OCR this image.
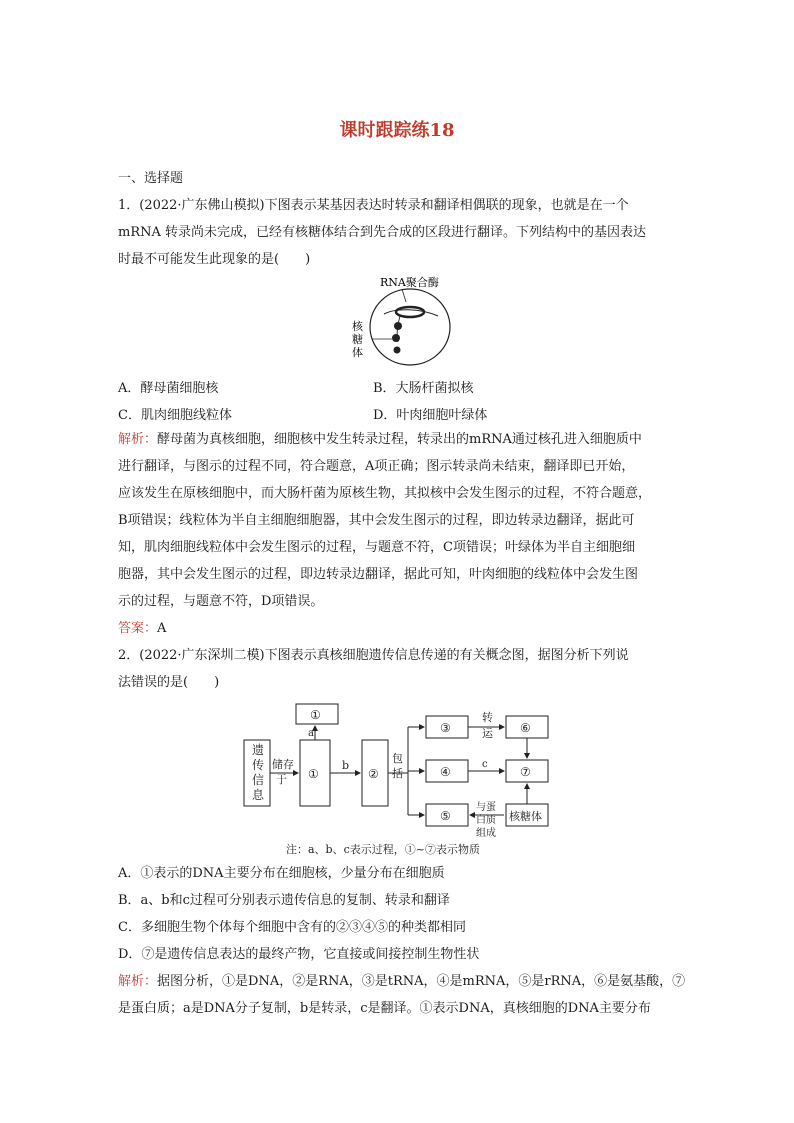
课时跟踪练18
一、选择题
1．(2022·广东佛山模拟)下图表示某基因表达时转录和翻译相偶联的现象，也就是在一个
mRNA 转录尚未完成，已经有核糖体结合到先合成的区段进行翻译。下列结构中的基因表达
时最不可能发生此现象的是(　　)
RNA聚合酶
核
糖
体
A．酵母菌细胞核	B．大肠杆菌拟核
C．肌肉细胞线粒体	D．叶肉细胞叶绿体
解析：酵母菌为真核细胞，细胞核中发生转录过程，转录出的mRNA通过核孔进入细胞质中
进行翻译，与图示的过程不同，符合题意，A项正确；图示转录尚未结束，翻译即已开始，
应该发生在原核细胞中，而大肠杆菌为原核生物，其拟核中会发生图示的过程，不符合题意，
B项错误；线粒体为半自主细胞细胞器，其中会发生图示的过程，即边转录边翻译，据此可
知，肌肉细胞线粒体中会发生图示的过程，与题意不符，C项错误；叶绿体为半自主细胞细
胞器，其中会发生图示的过程，即边转录边翻译，据此可知，叶肉细胞的线粒体中会发生图
示的过程，与题意不符，D项错误。
答案：A
2．(2022·广东深圳二模)下图表示真核细胞遗传信息传递的有关概念图，据图分析下列说
法错误的是(　　)
遗
传
信
息
储存
于 ①
①
a
b
②
包
括
③
④
⑤
⑥
⑦
核糖体
转
运
c
与蛋
白质
组成
注：a、b、c表示过程，①~⑦表示物质
A．①表示的DNA主要分布在细胞核，少量分布在细胞质
B．a、b和c过程可分别表示遗传信息的复制、转录和翻译
C．多细胞生物个体每个细胞中含有的②③④⑤的种类都相同
D．⑦是遗传信息表达的最终产物，它直接或间接控制生物性状
解析：据图分析，①是DNA，②是RNA，③是tRNA，④是mRNA，⑤是rRNA，⑥是氨基酸，⑦
是蛋白质；a是DNA分子复制，b是转录，c是翻译。①表示DNA，真核细胞的DNA主要分布
